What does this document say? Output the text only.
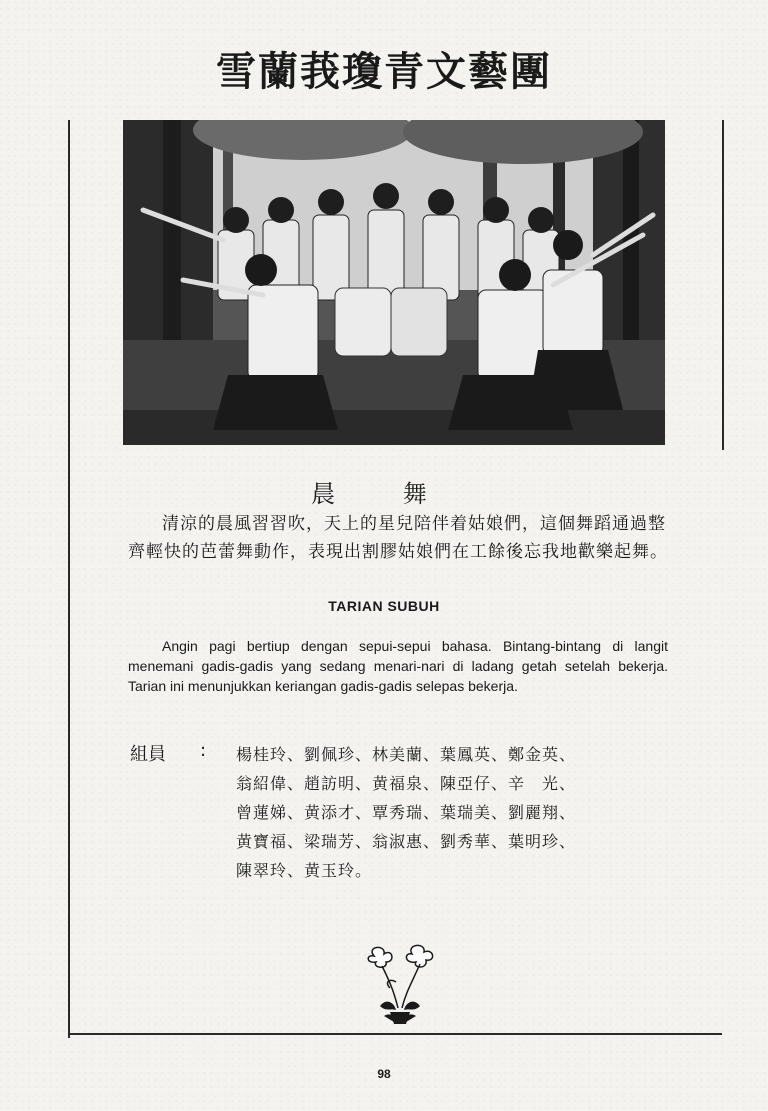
雪蘭莪瓊青文藝團
晨 舞
清涼的晨風習習吹，天上的星兒陪伴着姑娘們，這個舞蹈通過整齊輕快的芭蕾舞動作，表現出割膠姑娘們在工餘後忘我地歡樂起舞。
TARIAN SUBUH
Angin pagi bertiup dengan sepui-sepui bahasa. Bintang-bintang di langit menemani gadis-gadis yang sedang menari-nari di ladang getah setelah bekerja. Tarian ini menunjukkan keriangan gadis-gadis selepas bekerja.
組員 : 楊桂玲、劉佩珍、林美蘭、葉鳳英、鄭金英、
翁紹偉、趙訪明、黄福泉、陳亞仔、辛　光、
曾蓮娣、黄添才、覃秀瑞、葉瑞美、劉麗翔、
黄寶福、梁瑞芳、翁淑惠、劉秀華、葉明珍、
陳翠玲、黄玉玲。
98
